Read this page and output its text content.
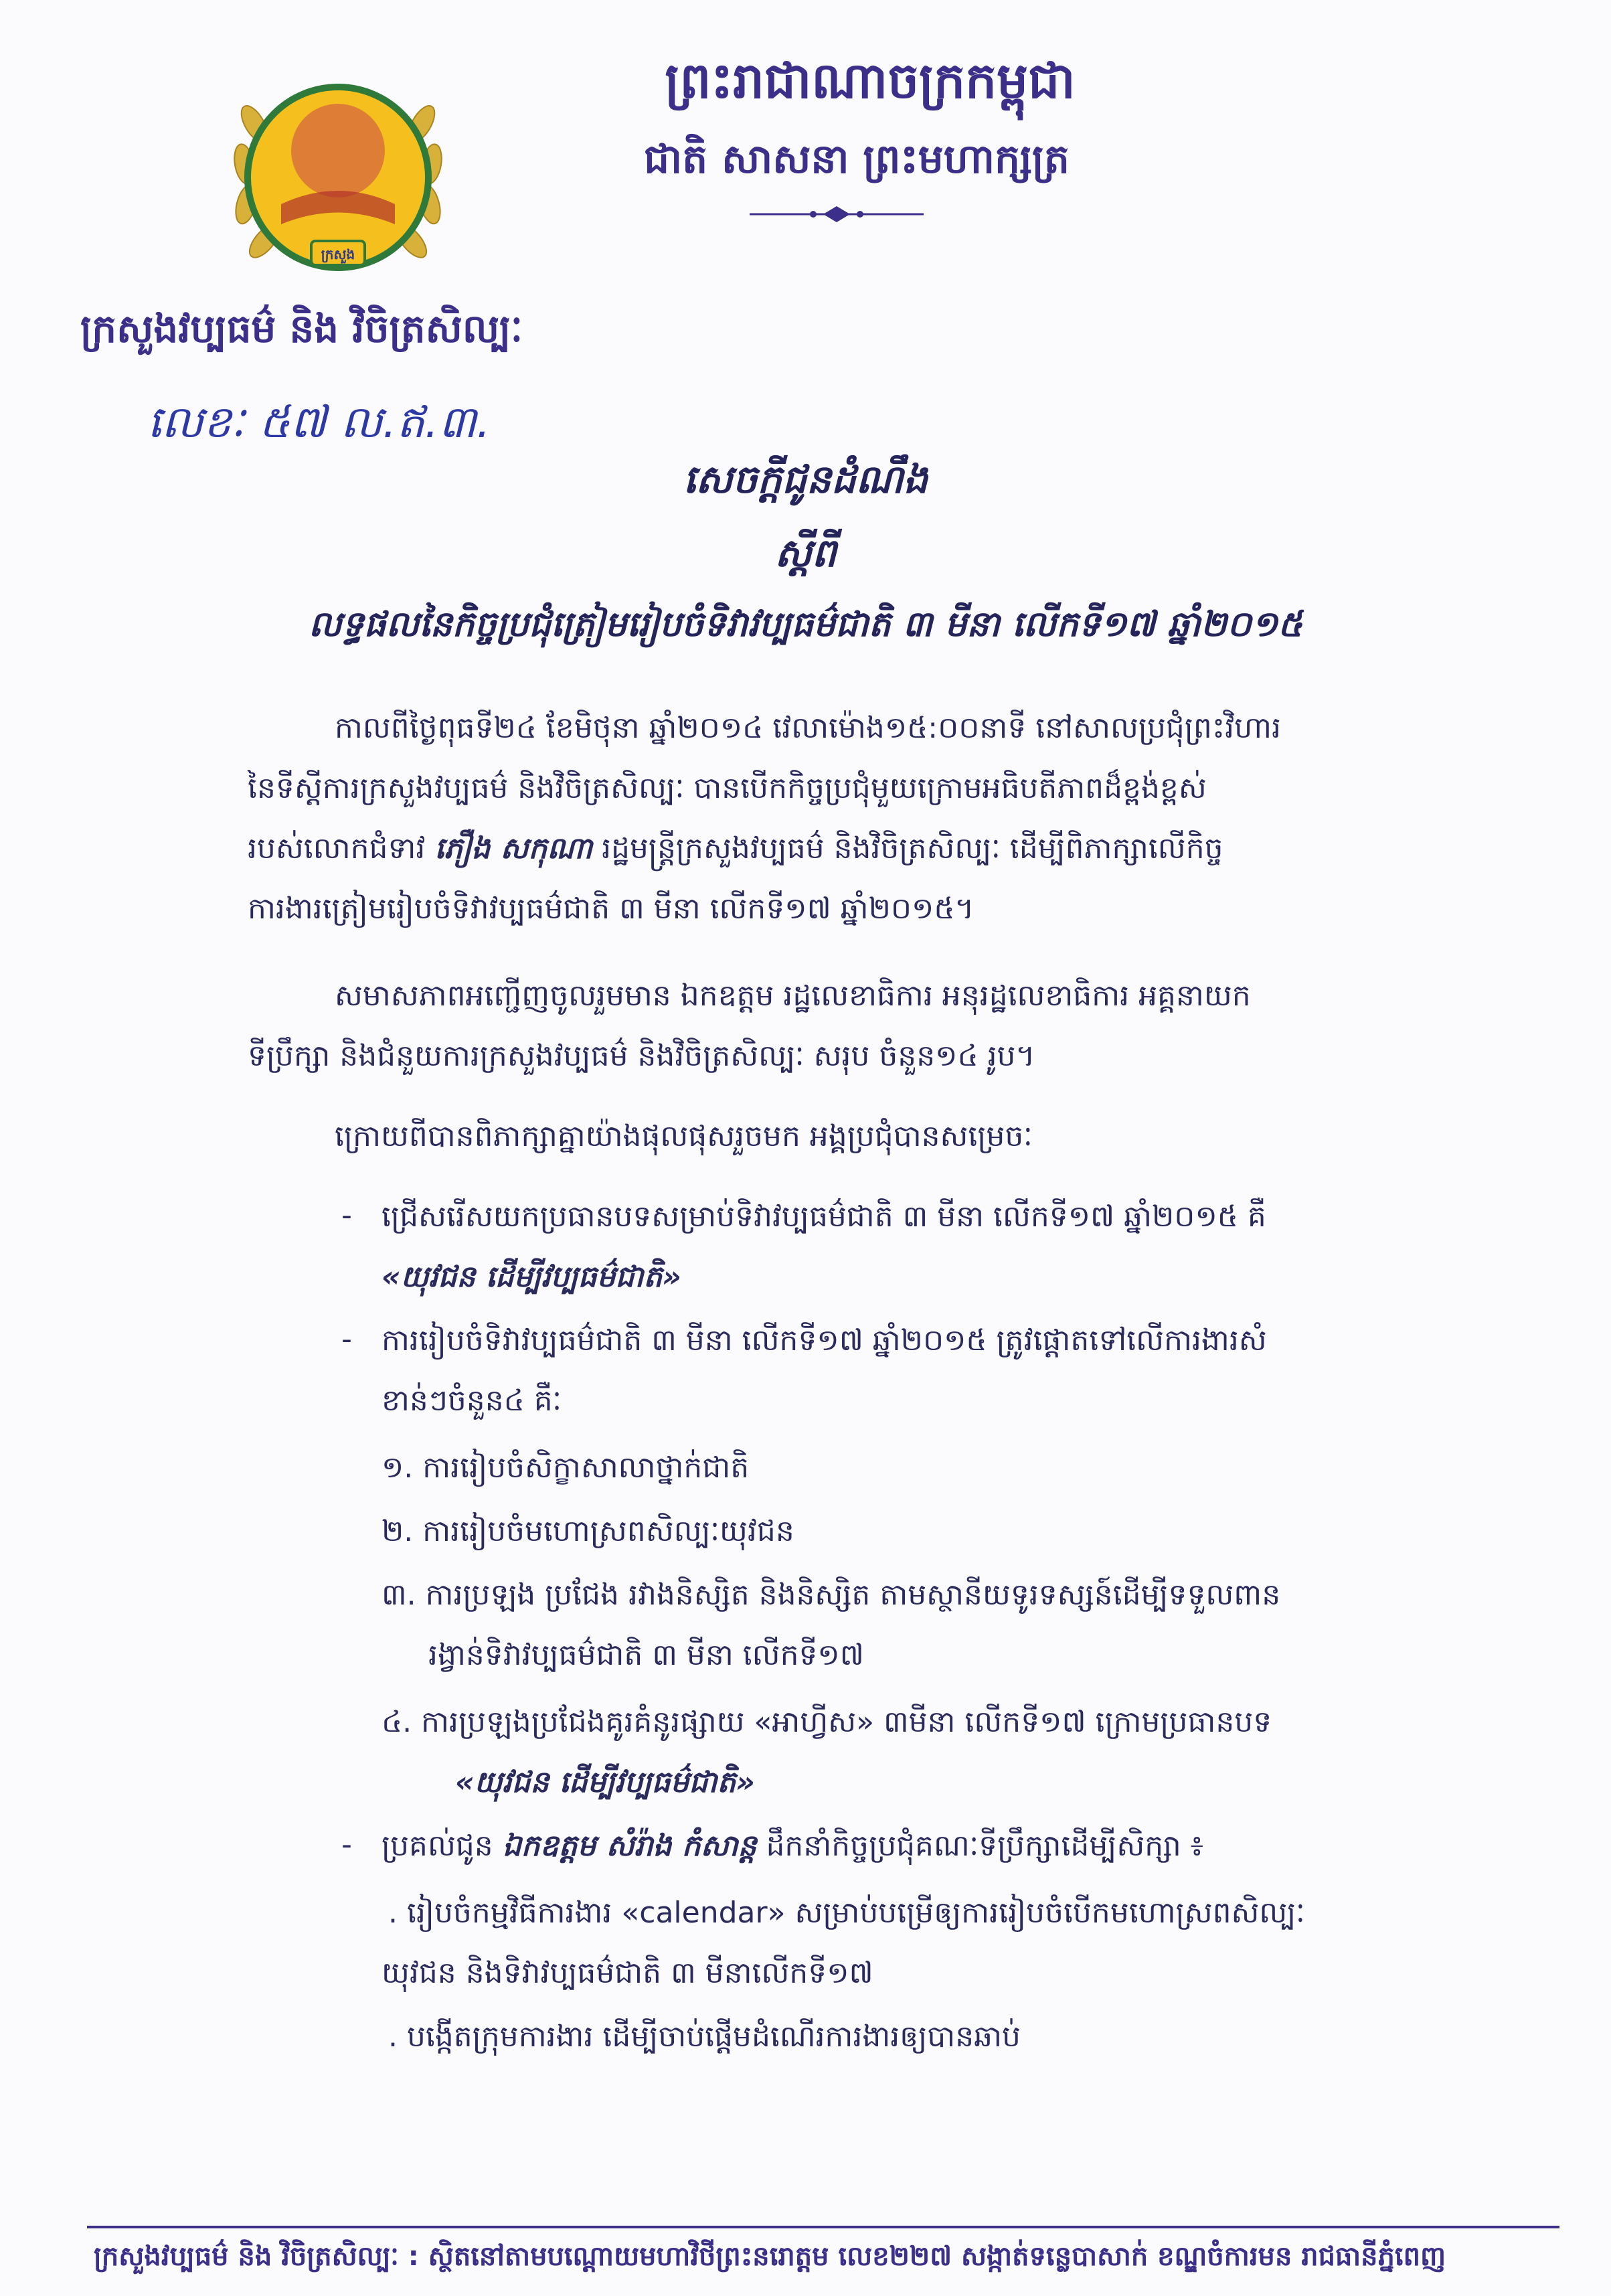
ក្រសួង
ព្រះរាជាណាចក្រកម្ពុជា
ជាតិ សាសនា ព្រះមហាក្សត្រ
ក្រសួងវប្បធម៌ និង វិចិត្រសិល្បៈ
លេខៈ ៥៧ ល.ឥ.៣.
សេចក្តីជូនដំណឹង
ស្តីពី
លទ្ធផលនៃកិច្ចប្រជុំត្រៀមរៀបចំទិវាវប្បធម៌ជាតិ ៣ មីនា លើកទី១៧ ឆ្នាំ២០១៥
កាលពីថ្ងៃពុធទី២៤ ខែមិថុនា ឆ្នាំ២០១៤ វេលាម៉ោង១៥:០០នាទី នៅសាលប្រជុំព្រះវិហារ
នៃទីស្តីការក្រសួងវប្បធម៌ និងវិចិត្រសិល្បៈ បានបើកកិច្ចប្រជុំមួយក្រោមអធិបតីភាពដ៏ខ្ពង់ខ្ពស់
របស់លោកជំទាវ ភឿង សកុណា រដ្ឋមន្ត្រីក្រសួងវប្បធម៌ និងវិចិត្រសិល្បៈ ដើម្បីពិភាក្សាលើកិច្ច
ការងារត្រៀមរៀបចំទិវាវប្បធម៌ជាតិ ៣ មីនា លើកទី១៧ ឆ្នាំ២០១៥។
សមាសភាពអញ្ជើញចូលរួមមាន ឯកឧត្តម រដ្ឋលេខាធិការ អនុរដ្ឋលេខាធិការ អគ្គនាយក
ទីប្រឹក្សា និងជំនួយការក្រសួងវប្បធម៌ និងវិចិត្រសិល្បៈ សរុប ចំនួន១៤ រូប។
ក្រោយពីបានពិភាក្សាគ្នាយ៉ាងផុលផុសរួចមក អង្គប្រជុំបានសម្រេចៈ
- ជ្រើសរើសយកប្រធានបទសម្រាប់ទិវាវប្បធម៌ជាតិ ៣ មីនា លើកទី១៧ ឆ្នាំ២០១៥ គឺ
«យុវជន ដើម្បីវប្បធម៌ជាតិ»
- ការរៀបចំទិវាវប្បធម៌ជាតិ ៣ មីនា លើកទី១៧ ឆ្នាំ២០១៥ ត្រូវផ្តោតទៅលើការងារសំ
ខាន់ៗចំនួន៤ គឺៈ
១. ការរៀបចំសិក្ខាសាលាថ្នាក់ជាតិ
២. ការរៀបចំមហោស្រពសិល្បៈយុវជន
៣. ការប្រឡង ប្រជែង រវាងនិស្សិត និងនិស្សិត តាមស្ថានីយទូរទស្សន៍ដើម្បីទទួលពាន
រង្វាន់ទិវាវប្បធម៌ជាតិ ៣ មីនា លើកទី១៧
៤. ការប្រឡងប្រជែងគូរគំនូរផ្សាយ «អាហ្វីស» ៣មីនា លើកទី១៧ ក្រោមប្រធានបទ
«យុវជន ដើម្បីវប្បធម៌ជាតិ»
- ប្រគល់ជូន ឯកឧត្តម សំរ៉ាង កំសាន្ត ដឹកនាំកិច្ចប្រជុំគណៈទីប្រឹក្សាដើម្បីសិក្សា ៖
. រៀបចំកម្មវិធីការងារ «calendar» សម្រាប់បម្រើឲ្យការរៀបចំបើកមហោស្រពសិល្បៈ
យុវជន និងទិវាវប្បធម៌ជាតិ ៣ មីនាលើកទី១៧
. បង្កើតក្រុមការងារ ដើម្បីចាប់ផ្តើមដំណើរការងារឲ្យបានឆាប់
ក្រសួងវប្បធម៌ និង វិចិត្រសិល្បៈ : ស្ថិតនៅតាមបណ្តោយមហាវិថីព្រះនរោត្តម លេខ២២៧ សង្កាត់ទន្លេបាសាក់ ខណ្ឌចំការមន រាជធានីភ្នំពេញ
